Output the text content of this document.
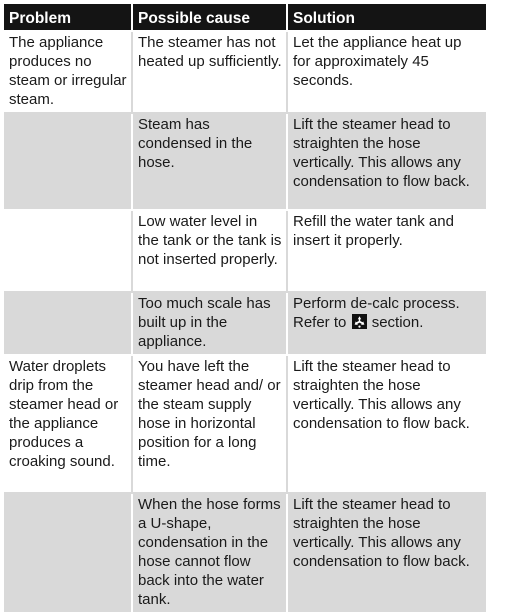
Problem	Possible cause	Solution
The appliance produces no steam or irregular steam.	The steamer has not heated up sufficiently.	Let the appliance heat up for approximately 45 seconds.
	Steam has condensed in the hose.	Lift the steamer head to straighten the hose vertically. This allows any condensation to flow back.
	Low water level in the tank or the tank is not inserted properly.	Refill the water tank and insert it properly.
	Too much scale has built up in the appliance.	Perform de-calc process. Refer to section.
Water droplets drip from the steamer head or the appliance produces a croaking sound.	You have left the steamer head and/ or the steam supply hose in horizontal position for a long time.	Lift the steamer head to straighten the hose vertically. This allows any condensation to flow back.
	When the hose forms a U-shape, condensation in the hose cannot flow back into the water tank.	Lift the steamer head to straighten the hose vertically. This allows any condensation to flow back.
